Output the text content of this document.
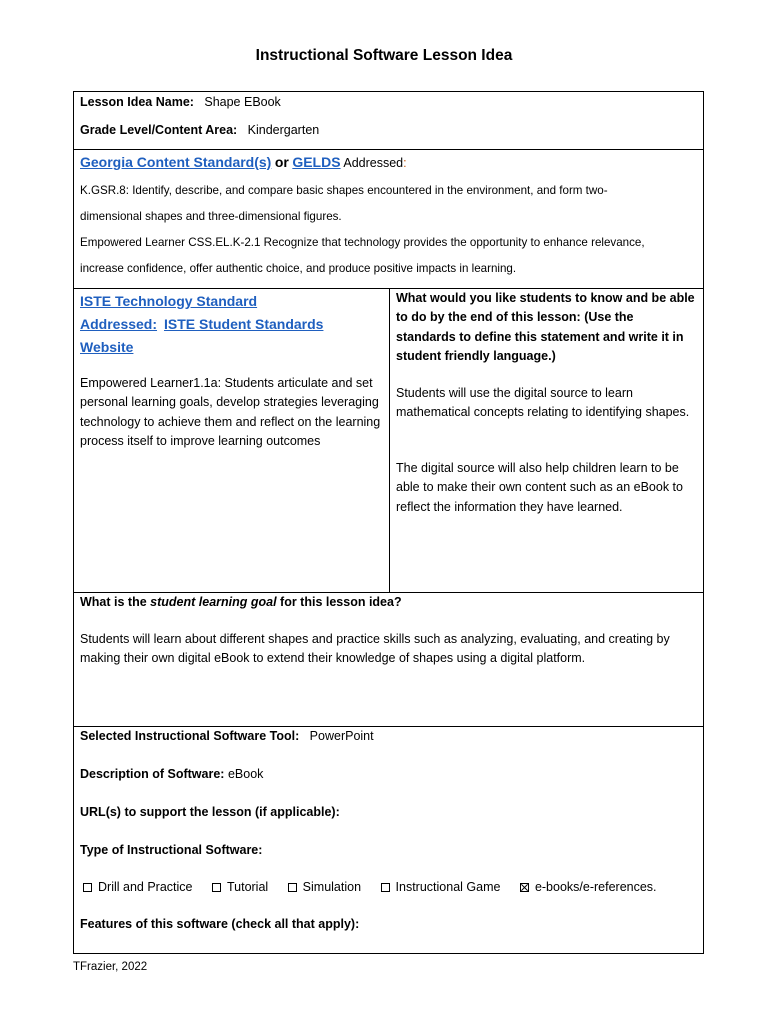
Instructional Software Lesson Idea
Lesson Idea Name: Shape EBook
Grade Level/Content Area: Kindergarten
Georgia Content Standard(s) or GELDS Addressed:
K.GSR.8: Identify, describe, and compare basic shapes encountered in the environment, and form two-
dimensional shapes and three-dimensional figures.
Empowered Learner CSS.EL.K-2.1 Recognize that technology provides the opportunity to enhance relevance,
increase confidence, offer authentic choice, and produce positive impacts in learning.
ISTE Technology Standard
Addressed: ISTE Student Standards
Website
Empowered Learner1.1a: Students articulate and set personal learning goals, develop strategies leveraging technology to achieve them and reflect on the learning process itself to improve learning outcomes
What would you like students to know and be able to do by the end of this lesson: (Use the standards to define this statement and write it in student friendly language.)
Students will use the digital source to learn mathematical concepts relating to identifying shapes.
The digital source will also help children learn to be able to make their own content such as an eBook to reflect the information they have learned.
What is the student learning goal for this lesson idea?
Students will learn about different shapes and practice skills such as analyzing, evaluating, and creating by making their own digital eBook to extend their knowledge of shapes using a digital platform.
Selected Instructional Software Tool: PowerPoint
Description of Software: eBook
URL(s) to support the lesson (if applicable):
Type of Instructional Software:
Drill and Practice	Tutorial	Simulation	Instructional Game	e-books/e-references.
Features of this software (check all that apply):
TFrazier, 2022
